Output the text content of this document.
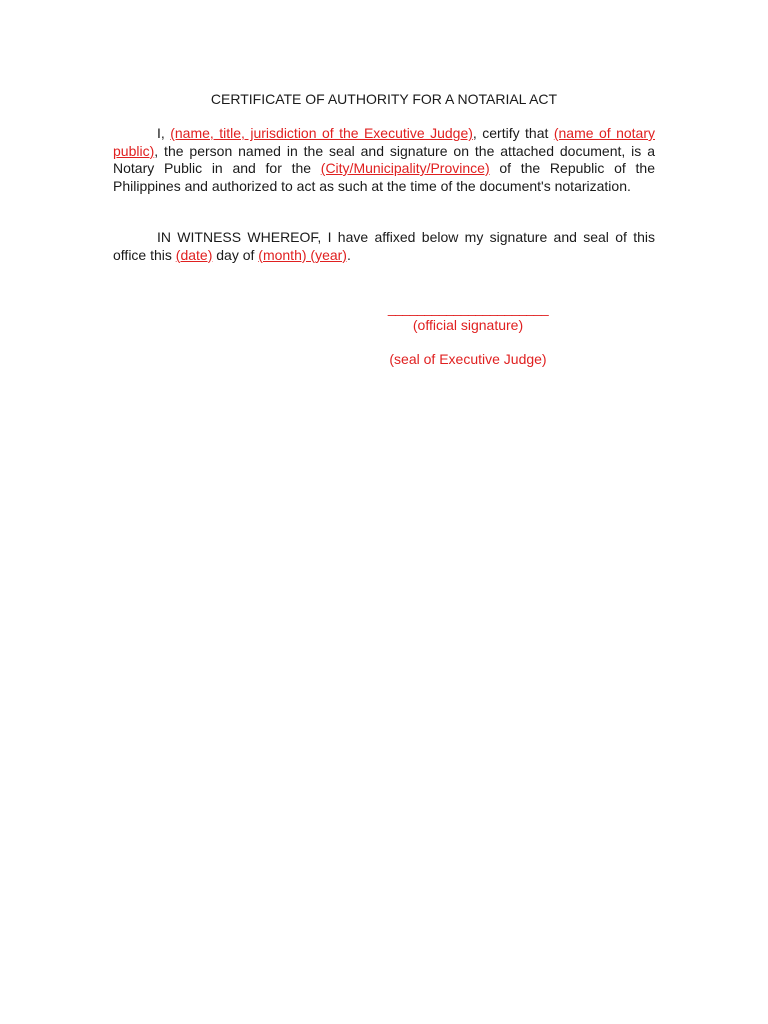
CERTIFICATE OF AUTHORITY FOR A NOTARIAL ACT
I, (name, title, jurisdiction of the Executive Judge), certify that (name of notary public), the person named in the seal and signature on the attached document, is a Notary Public in and for the (City/Municipality/Province) of the Republic of the Philippines and authorized to act as such at the time of the document's notarization.
IN WITNESS WHEREOF, I have affixed below my signature and seal of this office this (date) day of (month) (year).
______________________
(official signature)
(seal of Executive Judge)
